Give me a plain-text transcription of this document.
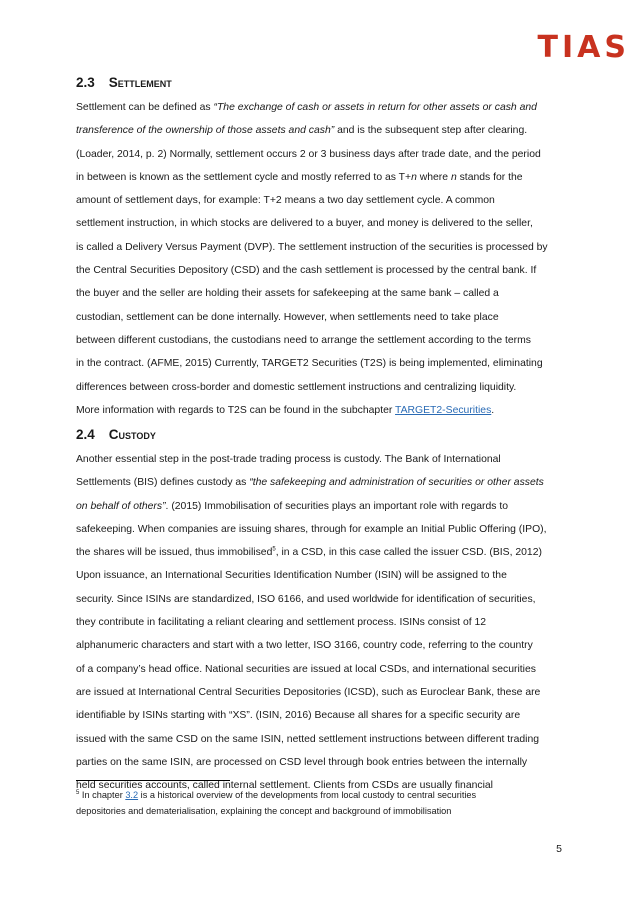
TIAS
2.3 Settlement
Settlement can be defined as “The exchange of cash or assets in return for other assets or cash and
transference of the ownership of those assets and cash” and is the subsequent step after clearing.
(Loader, 2014, p. 2) Normally, settlement occurs 2 or 3 business days after trade date, and the period
in between is known as the settlement cycle and mostly referred to as T+n where n stands for the
amount of settlement days, for example: T+2 means a two day settlement cycle. A common
settlement instruction, in which stocks are delivered to a buyer, and money is delivered to the seller,
is called a Delivery Versus Payment (DVP). The settlement instruction of the securities is processed by
the Central Securities Depository (CSD) and the cash settlement is processed by the central bank. If
the buyer and the seller are holding their assets for safekeeping at the same bank – called a
custodian, settlement can be done internally. However, when settlements need to take place
between different custodians, the custodians need to arrange the settlement according to the terms
in the contract. (AFME, 2015) Currently, TARGET2 Securities (T2S) is being implemented, eliminating
differences between cross-border and domestic settlement instructions and centralizing liquidity.
More information with regards to T2S can be found in the subchapter TARGET2-Securities.
2.4 Custody
Another essential step in the post-trade trading process is custody. The Bank of International
Settlements (BIS) defines custody as “the safekeeping and administration of securities or other assets
on behalf of others”. (2015) Immobilisation of securities plays an important role with regards to
safekeeping. When companies are issuing shares, through for example an Initial Public Offering (IPO),
the shares will be issued, thus immobilised$^5$, in a CSD, in this case called the issuer CSD. (BIS, 2012)
Upon issuance, an International Securities Identification Number (ISIN) will be assigned to the
security. Since ISINs are standardized, ISO 6166, and used worldwide for identification of securities,
they contribute in facilitating a reliant clearing and settlement process. ISINs consist of 12
alphanumeric characters and start with a two letter, ISO 3166, country code, referring to the country
of a company’s head office. National securities are issued at local CSDs, and international securities
are issued at International Central Securities Depositories (ICSD), such as Euroclear Bank, these are
identifiable by ISINs starting with “XS”. (ISIN, 2016) Because all shares for a specific security are
issued with the same CSD on the same ISIN, netted settlement instructions between different trading
parties on the same ISIN, are processed on CSD level through book entries between the internally
held securities accounts, called internal settlement. Clients from CSDs are usually financial
$^5$ In chapter 3.2 is a historical overview of the developments from local custody to central securities
depositories and dematerialisation, explaining the concept and background of immobilisation
5
